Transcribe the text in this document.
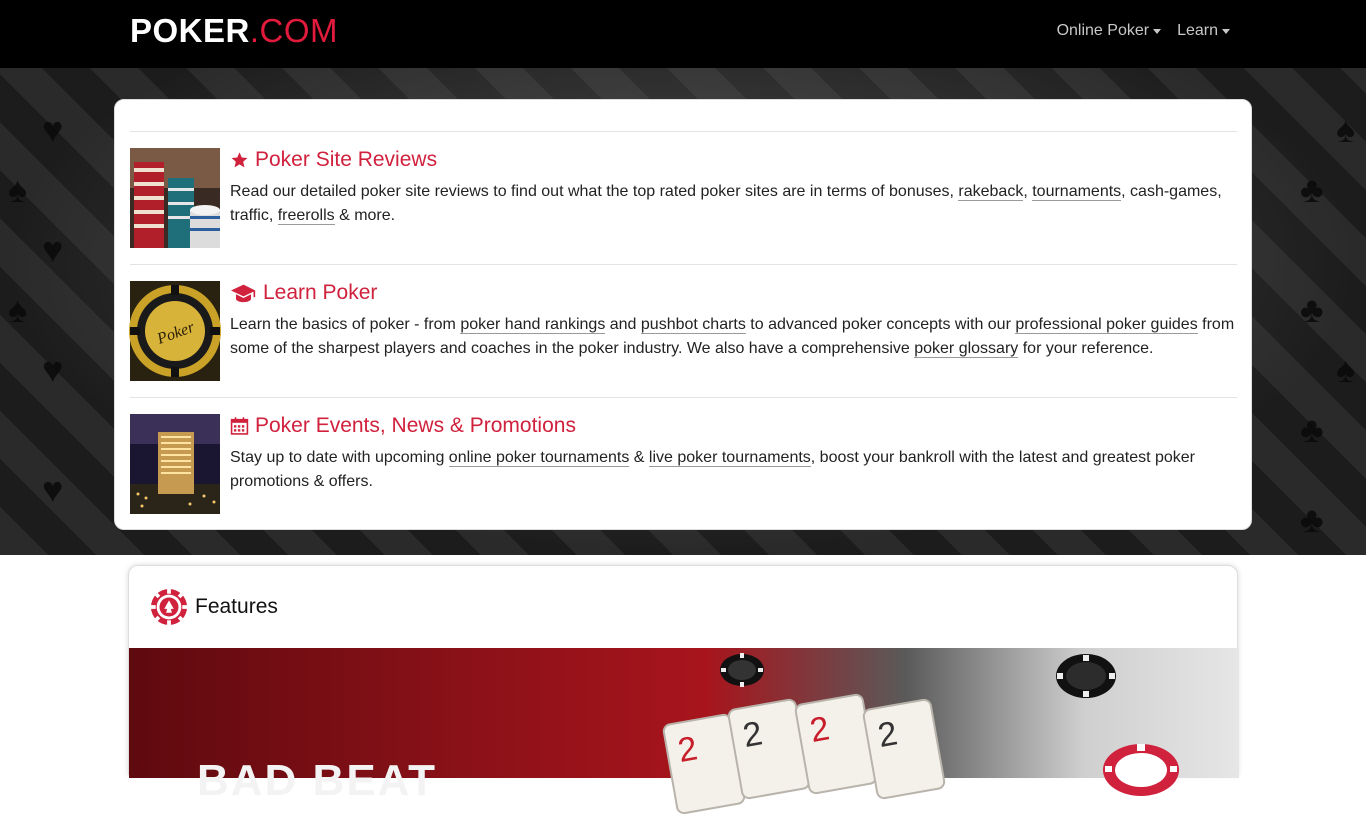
POKER .COM	Online Poker Learn
♥
♥
♥
♥
♣
♣
♣
♣
♠
♠
♠
♠
Poker Site Reviews
Read our detailed poker site reviews to find out what the top rated poker sites are in terms of bonuses, rakeback, tournaments, cash-games, traffic, freerolls & more.
Poker
Learn Poker
Learn the basics of poker - from poker hand rankings and pushbot charts to advanced poker concepts with our professional poker guides from some of the sharpest players and coaches in the poker industry. We also have a comprehensive poker glossary for your reference.
Poker Events, News & Promotions
Stay up to date with upcoming online poker tournaments & live poker tournaments, boost your bankroll with the latest and greatest poker promotions & offers.
Features
BAD BEAT
2 2 2 2
